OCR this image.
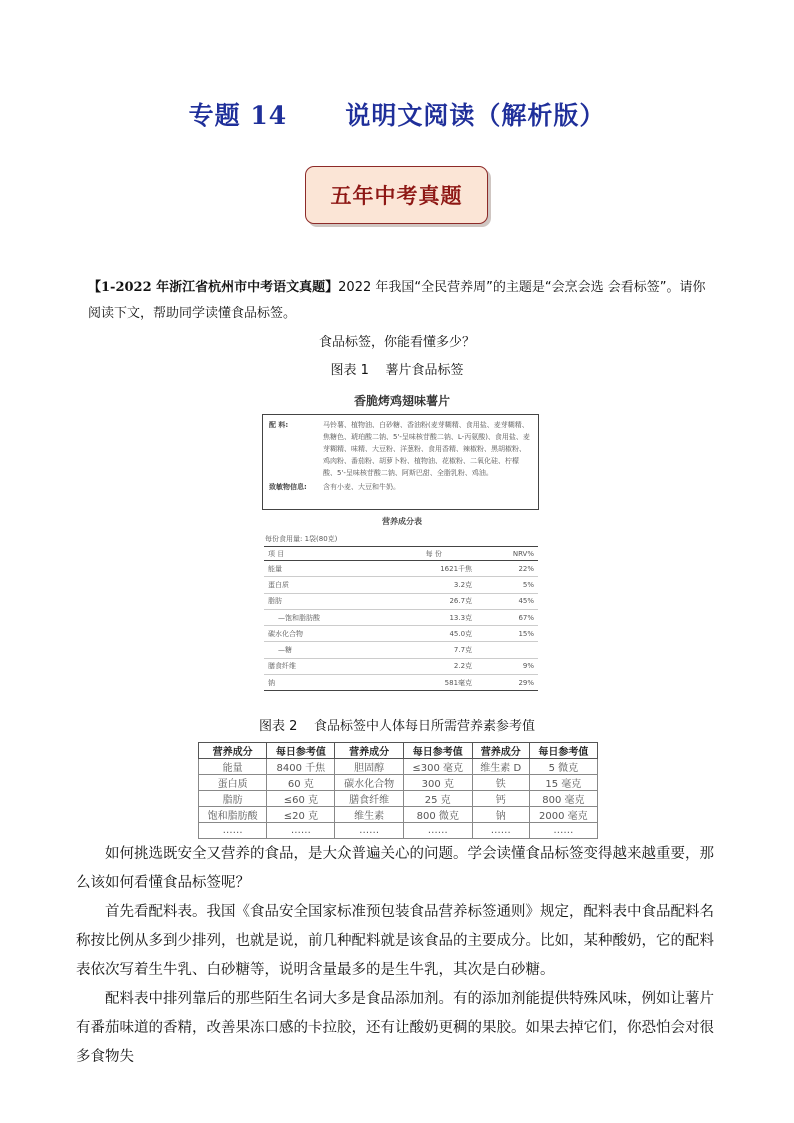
专题 14      说明文阅读（解析版）
五年中考真题
【1-2022 年浙江省杭州市中考语文真题】2022 年我国“全民营养周”的主题是“会烹会选 会看标签”。请你阅读下文，帮助同学读懂食品标签。
食品标签，你能看懂多少？
图表 1    薯片食品标签
香脆烤鸡翅味薯片
配 料:	马铃薯、植物油、白砂糖、香油粉(麦芽糊精、食用盐、麦芽糊精、焦糖色、琥珀酸二钠、5'-呈味核苷酸二钠、L-丙氨酸)、食用盐、麦芽糊精、味精、大豆粉、洋葱粉、食用香精、辣椒粉、黑胡椒粉、鸡肉粉、番茄粉、胡萝卜粉、植物油、花椒粉、二氧化硅、柠檬酸、5'-呈味核苷酸二钠、阿斯巴甜、全脂乳粉、鸡油。
致敏物信息:	含有小麦、大豆和牛奶。
营养成分表
每份食用量: 1袋(80克)
项 目	每 份	NRV%
能量	1621千焦	22%
蛋白质	3.2克	5%
脂肪	26.7克	45%
—饱和脂肪酸	13.3克	67%
碳水化合物	45.0克	15%
—糖	7.7克	
膳食纤维	2.2克	9%
钠	581毫克	29%
图表 2    食品标签中人体每日所需营养素参考值
营养成分	每日参考值	营养成分	每日参考值	营养成分	每日参考值
能量	8400 千焦	胆固醇	≤300 毫克	维生素 D	5 微克
蛋白质	60 克	碳水化合物	300 克	铁	15 毫克
脂肪	≤60 克	膳食纤维	25 克	钙	800 毫克
饱和脂肪酸	≤20 克	维生素	800 微克	钠	2000 毫克
……	……	……	……	……	……

如何挑选既安全又营养的食品，是大众普遍关心的问题。学会读懂食品标签变得越来越重要，那么该如何看懂食品标签呢？

首先看配料表。我国《食品安全国家标准预包装食品营养标签通则》规定，配料表中食品配料名称按比例从多到少排列，也就是说，前几种配料就是该食品的主要成分。比如，某种酸奶，它的配料表依次写着生牛乳、白砂糖等，说明含量最多的是生牛乳，其次是白砂糖。

配料表中排列靠后的那些陌生名词大多是食品添加剂。有的添加剂能提供特殊风味，例如让薯片有番茄味道的香精，改善果冻口感的卡拉胶，还有让酸奶更稠的果胶。如果去掉它们，你恐怕会对很多食物失
